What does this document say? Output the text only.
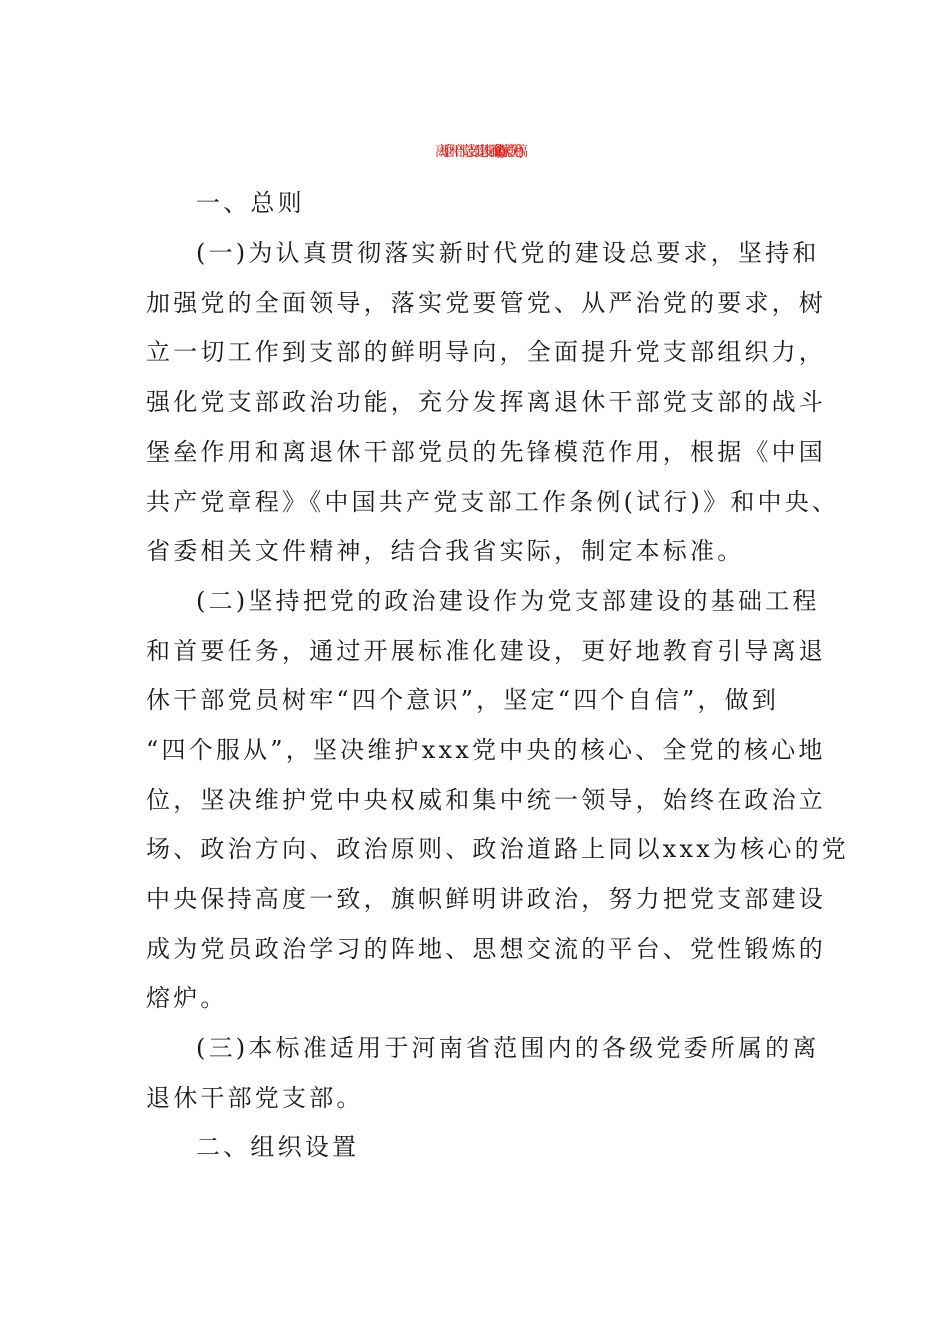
离退休干部党支部建设标准(试行)(征求意见稿)
一、总则
(一)为认真贯彻落实新时代党的建设总要求，坚持和
加强党的全面领导，落实党要管党、从严治党的要求，树
立一切工作到支部的鲜明导向，全面提升党支部组织力，
强化党支部政治功能，充分发挥离退休干部党支部的战斗
堡垒作用和离退休干部党员的先锋模范作用，根据《中国
共产党章程》《中国共产党支部工作条例(试行)》和中央、
省委相关文件精神，结合我省实际，制定本标准。
(二)坚持把党的政治建设作为党支部建设的基础工程
和首要任务，通过开展标准化建设，更好地教育引导离退
休干部党员树牢“四个意识”，坚定“四个自信”，做到
“四个服从”，坚决维护xxx党中央的核心、全党的核心地
位，坚决维护党中央权威和集中统一领导，始终在政治立
场、政治方向、政治原则、政治道路上同以xxx为核心的党
中央保持高度一致，旗帜鲜明讲政治，努力把党支部建设
成为党员政治学习的阵地、思想交流的平台、党性锻炼的
熔炉。
(三)本标准适用于河南省范围内的各级党委所属的离
退休干部党支部。
二、组织设置
